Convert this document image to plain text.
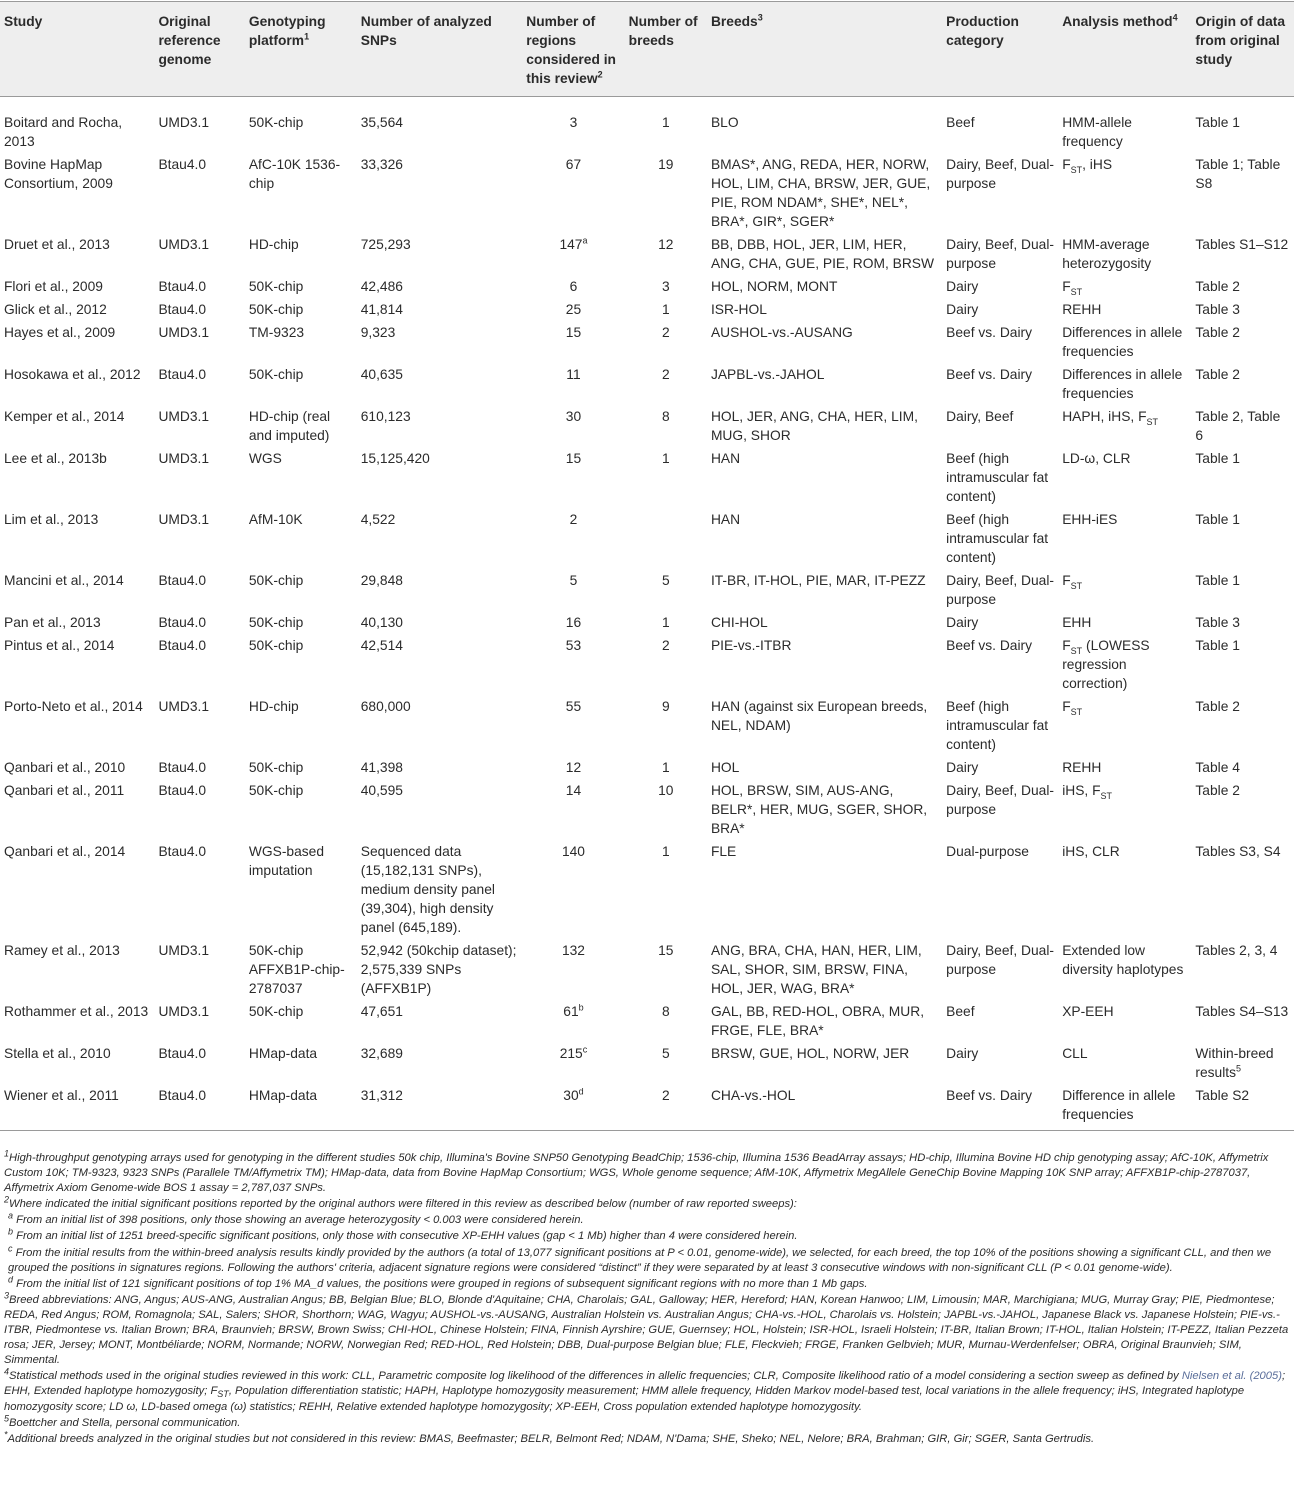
Study	Original reference genome	Genotyping platform$^1$	Number of analyzed SNPs	Number of regions considered in this review$^2$	Number of breeds	Breeds$^3$	Production category	Analysis method$^4$	Origin of data from original study
Boitard and Rocha, 2013	UMD3.1	50K-chip	35,564	3	1	BLO	Beef	HMM-allele frequency	Table 1
Bovine HapMap Consortium, 2009	Btau4.0	AfC-10K 1536-chip	33,326	67	19	BMAS*, ANG, REDA, HER, NORW, HOL, LIM, CHA, BRSW, JER, GUE, PIE, ROM NDAM*, SHE*, NEL*, BRA*, GIR*, SGER*	Dairy, Beef, Dual-purpose	$F_{ST}$, iHS	Table 1; Table S8
Druet et al., 2013	UMD3.1	HD-chip	725,293	147$^a$	12	BB, DBB, HOL, JER, LIM, HER, ANG, CHA, GUE, PIE, ROM, BRSW	Dairy, Beef, Dual-purpose	HMM-average heterozygosity	Tables S1–S12
Flori et al., 2009	Btau4.0	50K-chip	42,486	6	3	HOL, NORM, MONT	Dairy	$F_{ST}$	Table 2
Glick et al., 2012	Btau4.0	50K-chip	41,814	25	1	ISR-HOL	Dairy	REHH	Table 3
Hayes et al., 2009	UMD3.1	TM-9323	9,323	15	2	AUSHOL-vs.-AUSANG	Beef vs. Dairy	Differences in allele frequencies	Table 2
Hosokawa et al., 2012	Btau4.0	50K-chip	40,635	11	2	JAPBL-vs.-JAHOL	Beef vs. Dairy	Differences in allele frequencies	Table 2
Kemper et al., 2014	UMD3.1	HD-chip (real and imputed)	610,123	30	8	HOL, JER, ANG, CHA, HER, LIM, MUG, SHOR	Dairy, Beef	HAPH, iHS, $F_{ST}$	Table 2, Table 6
Lee et al., 2013b	UMD3.1	WGS	15,125,420	15	1	HAN	Beef (high intramuscular fat content)	LD-ω, CLR	Table 1
Lim et al., 2013	UMD3.1	AfM-10K	4,522	2		HAN	Beef (high intramuscular fat content)	EHH-iES	Table 1
Mancini et al., 2014	Btau4.0	50K-chip	29,848	5	5	IT-BR, IT-HOL, PIE, MAR, IT-PEZZ	Dairy, Beef, Dual-purpose	$F_{ST}$	Table 1
Pan et al., 2013	Btau4.0	50K-chip	40,130	16	1	CHI-HOL	Dairy	EHH	Table 3
Pintus et al., 2014	Btau4.0	50K-chip	42,514	53	2	PIE-vs.-ITBR	Beef vs. Dairy	$F_{ST}$ (LOWESS regression correction)	Table 1
Porto-Neto et al., 2014	UMD3.1	HD-chip	680,000	55	9	HAN (against six European breeds, NEL, NDAM)	Beef (high intramuscular fat content)	$F_{ST}$	Table 2
Qanbari et al., 2010	Btau4.0	50K-chip	41,398	12	1	HOL	Dairy	REHH	Table 4
Qanbari et al., 2011	Btau4.0	50K-chip	40,595	14	10	HOL, BRSW, SIM, AUS-ANG, BELR*, HER, MUG, SGER, SHOR, BRA*	Dairy, Beef, Dual-purpose	iHS, $F_{ST}$	Table 2
Qanbari et al., 2014	Btau4.0	WGS-based imputation	Sequenced data (15,182,131 SNPs), medium density panel (39,304), high density panel (645,189).	140	1	FLE	Dual-purpose	iHS, CLR	Tables S3, S4
Ramey et al., 2013	UMD3.1	50K-chip AFFXB1P-chip-2787037	52,942 (50kchip dataset); 2,575,339 SNPs (AFFXB1P)	132	15	ANG, BRA, CHA, HAN, HER, LIM, SAL, SHOR, SIM, BRSW, FINA, HOL, JER, WAG, BRA*	Dairy, Beef, Dual-purpose	Extended low diversity haplotypes	Tables 2, 3, 4
Rothammer et al., 2013	UMD3.1	50K-chip	47,651	61$^b$	8	GAL, BB, RED-HOL, OBRA, MUR, FRGE, FLE, BRA*	Beef	XP-EEH	Tables S4–S13
Stella et al., 2010	Btau4.0	HMap-data	32,689	215$^c$	5	BRSW, GUE, HOL, NORW, JER	Dairy	CLL	Within-breed results$^5$
Wiener et al., 2011	Btau4.0	HMap-data	31,312	30$^d$	2	CHA-vs.-HOL	Beef vs. Dairy	Difference in allele frequencies	Table S2

$^1$High-throughput genotyping arrays used for genotyping in the different studies 50k chip, Illumina's Bovine SNP50 Genotyping BeadChip; 1536-chip, Illumina 1536 BeadArray assays; HD-chip, Illumina Bovine HD chip genotyping assay; AfC-10K, Affymetrix Custom 10K; TM-9323, 9323 SNPs (Parallele TM/Affymetrix TM); HMap-data, data from Bovine HapMap Consortium; WGS, Whole genome sequence; AfM-10K, Affymetrix MegAllele GeneChip Bovine Mapping 10K SNP array; AFFXB1P-chip-2787037, Affymetrix Axiom Genome-wide BOS 1 assay = 2,787,037 SNPs.

$^2$Where indicated the initial significant positions reported by the original authors were filtered in this review as described below (number of raw reported sweeps):

$^a$ From an initial list of 398 positions, only those showing an average heterozygosity < 0.003 were considered herein.

$^b$ From an initial list of 1251 breed-specific significant positions, only those with consecutive XP-EHH values (gap < 1 Mb) higher than 4 were considered herein.

$^c$ From the initial results from the within-breed analysis results kindly provided by the authors (a total of 13,077 significant positions at P < 0.01, genome-wide), we selected, for each breed, the top 10% of the positions showing a significant CLL, and then we grouped the positions in signatures regions. Following the authors' criteria, adjacent signature regions were considered “distinct” if they were separated by at least 3 consecutive windows with non-significant CLL (P < 0.01 genome-wide).

$^d$ From the initial list of 121 significant positions of top 1% MA_d values, the positions were grouped in regions of subsequent significant regions with no more than 1 Mb gaps.

$^3$Breed abbreviations: ANG, Angus; AUS-ANG, Australian Angus; BB, Belgian Blue; BLO, Blonde d'Aquitaine; CHA, Charolais; GAL, Galloway; HER, Hereford; HAN, Korean Hanwoo; LIM, Limousin; MAR, Marchigiana; MUG, Murray Gray; PIE, Piedmontese; REDA, Red Angus; ROM, Romagnola; SAL, Salers; SHOR, Shorthorn; WAG, Wagyu; AUSHOL-vs.-AUSANG, Australian Holstein vs. Australian Angus; CHA-vs.-HOL, Charolais vs. Holstein; JAPBL-vs.-JAHOL, Japanese Black vs. Japanese Holstein; PIE-vs.-ITBR, Piedmontese vs. Italian Brown; BRA, Braunvieh; BRSW, Brown Swiss; CHI-HOL, Chinese Holstein; FINA, Finnish Ayrshire; GUE, Guernsey; HOL, Holstein; ISR-HOL, Israeli Holstein; IT-BR, Italian Brown; IT-HOL, Italian Holstein; IT-PEZZ, Italian Pezzeta rosa; JER, Jersey; MONT, Montbéliarde; NORM, Normande; NORW, Norwegian Red; RED-HOL, Red Holstein; DBB, Dual-purpose Belgian blue; FLE, Fleckvieh; FRGE, Franken Gelbvieh; MUR, Murnau-Werdenfelser; OBRA, Original Braunvieh; SIM, Simmental.

$^4$Statistical methods used in the original studies reviewed in this work: CLL, Parametric composite log likelihood of the differences in allelic frequencies; CLR, Composite likelihood ratio of a model considering a section sweep as defined by Nielsen et al. (2005); EHH, Extended haplotype homozygosity; $F_{ST}$, Population differentiation statistic; HAPH, Haplotype homozygosity measurement; HMM allele frequency, Hidden Markov model-based test, local variations in the allele frequency; iHS, Integrated haplotype homozygosity score; LD ω, LD-based omega (ω) statistics; REHH, Relative extended haplotype homozygosity; XP-EEH, Cross population extended haplotype homozygosity.

$^5$Boettcher and Stella, personal communication.

*Additional breeds analyzed in the original studies but not considered in this review: BMAS, Beefmaster; BELR, Belmont Red; NDAM, N'Dama; SHE, Sheko; NEL, Nelore; BRA, Brahman; GIR, Gir; SGER, Santa Gertrudis.
